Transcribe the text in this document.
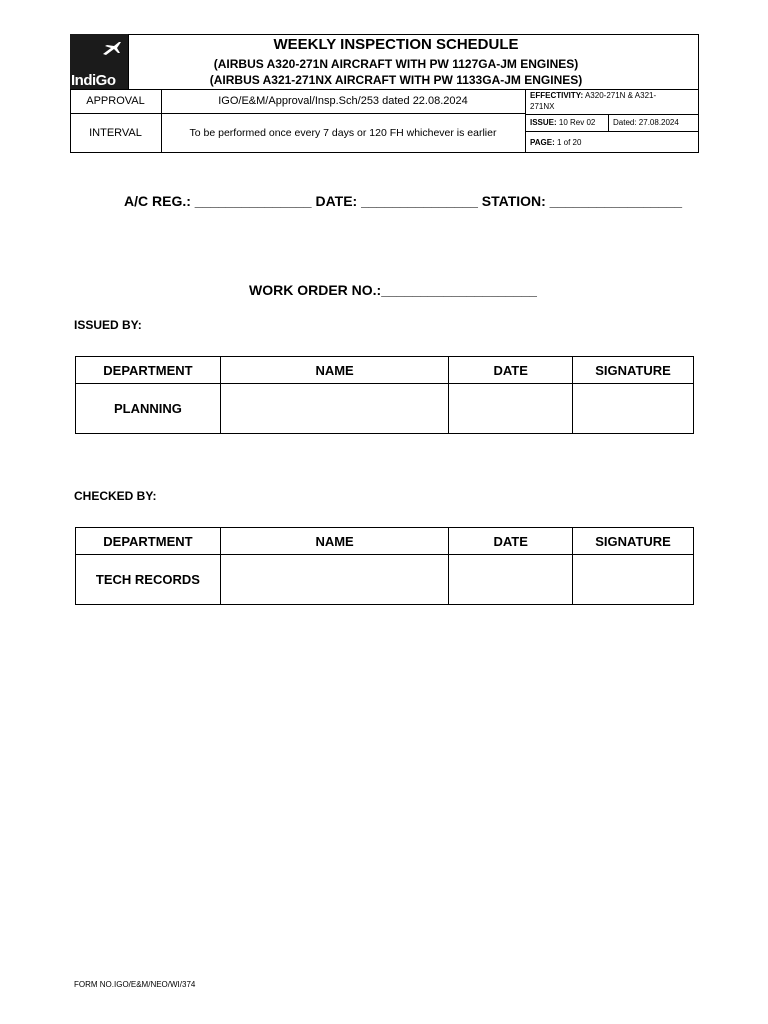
IndiGo
WEEKLY INSPECTION SCHEDULE
(AIRBUS A320-271N AIRCRAFT WITH PW 1127GA-JM ENGINES)
(AIRBUS A321-271NX AIRCRAFT WITH PW 1133GA-JM ENGINES)
APPROVAL	IGO/E&M/Approval/Insp.Sch/253 dated 22.08.2024
INTERVAL	To be performed once every 7 days or 120 FH whichever is earlier
EFFECTIVITY: A320-271N & A321-
271NX
ISSUE: 10 Rev 02 Dated: 27.08.2024
PAGE: 1 of 20
A/C REG.: _______________ DATE: _______________ STATION: _________________
WORK ORDER NO.:____________________
ISSUED BY:
DEPARTMENT	NAME	DATE	SIGNATURE
PLANNING			
CHECKED BY:
DEPARTMENT	NAME	DATE	SIGNATURE
TECH RECORDS			
FORM NO.IGO/E&M/NEO/WI/374
